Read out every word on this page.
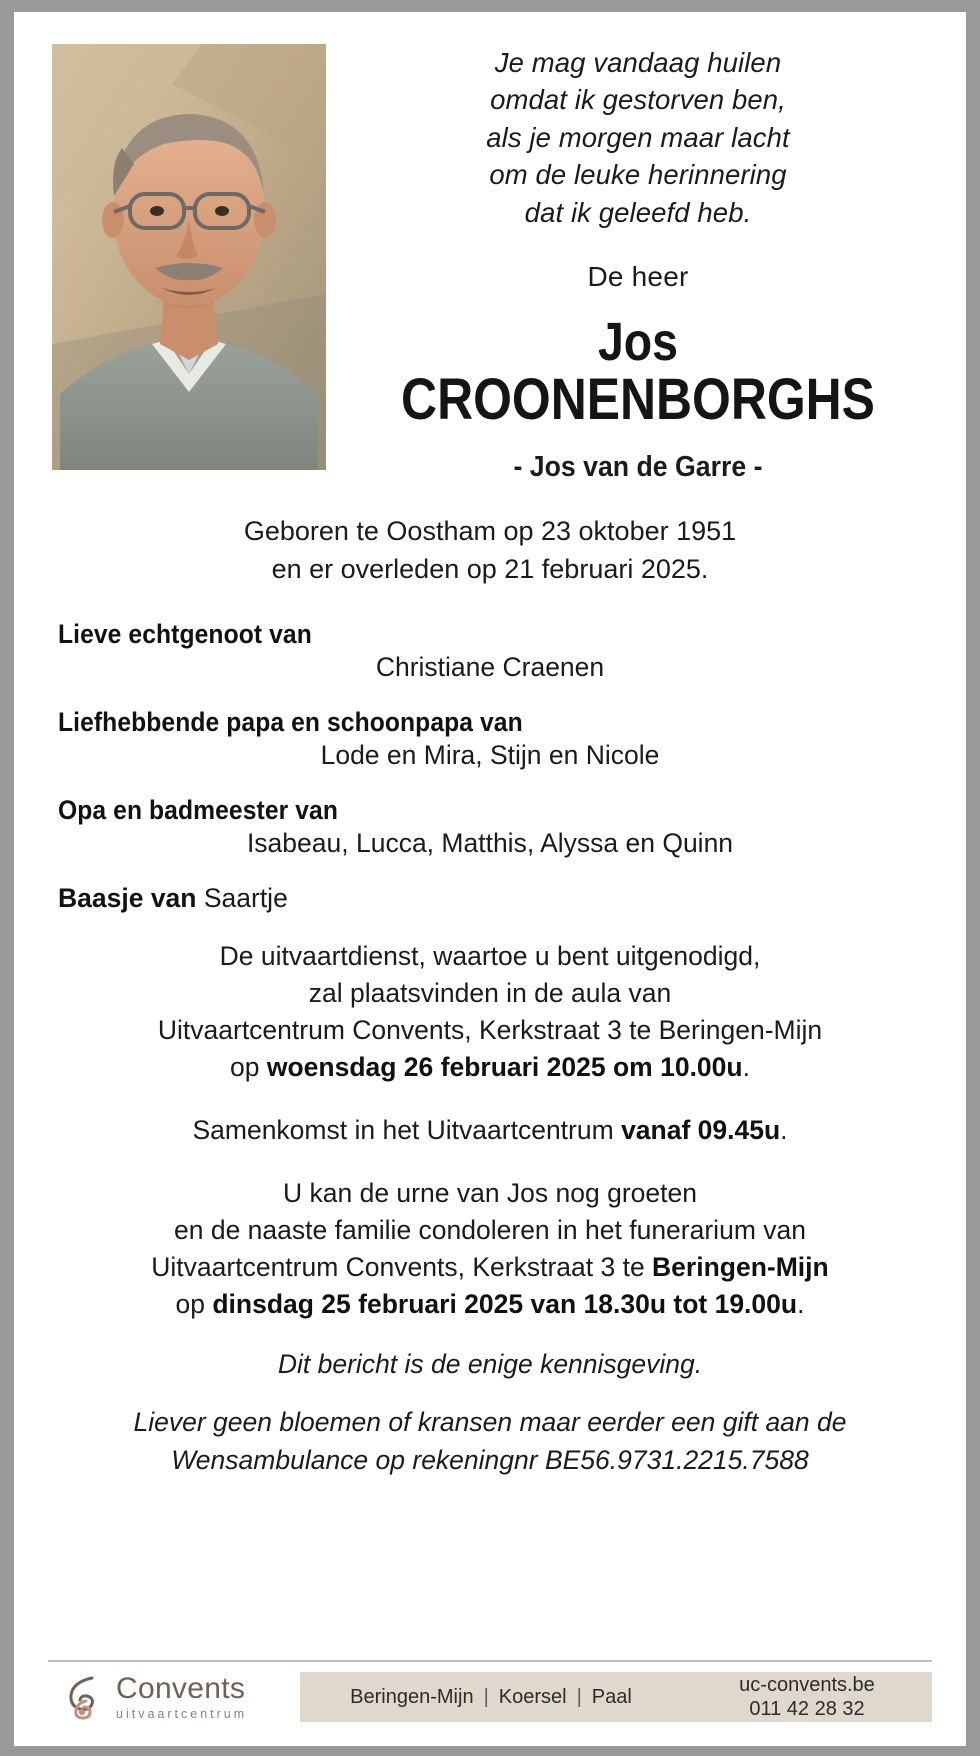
Je mag vandaag huilen
omdat ik gestorven ben,
als je morgen maar lacht
om de leuke herinnering
dat ik geleefd heb.
De heer
Jos
CROONENBORGHS
- Jos van de Garre -
Geboren te Oostham op 23 oktober 1951
en er overleden op 21 februari 2025.
Lieve echtgenoot van
Christiane Craenen
Liefhebbende papa en schoonpapa van
Lode en Mira, Stijn en Nicole
Opa en badmeester van
Isabeau, Lucca, Matthis, Alyssa en Quinn
Baasje van Saartje
De uitvaartdienst, waartoe u bent uitgenodigd,
zal plaatsvinden in de aula van
Uitvaartcentrum Convents, Kerkstraat 3 te Beringen-Mijn
op woensdag 26 februari 2025 om 10.00u.
Samenkomst in het Uitvaartcentrum vanaf 09.45u.
U kan de urne van Jos nog groeten
en de naaste familie condoleren in het funerarium van
Uitvaartcentrum Convents, Kerkstraat 3 te Beringen-Mijn
op dinsdag 25 februari 2025 van 18.30u tot 19.00u.
Dit bericht is de enige kennisgeving.
Liever geen bloemen of kransen maar eerder een gift aan de
Wensambulance op rekeningnr BE56.9731.2215.7588
Convents
uitvaartcentrum
Beringen-Mijn | Koersel | Paal
uc-convents.be
011 42 28 32
